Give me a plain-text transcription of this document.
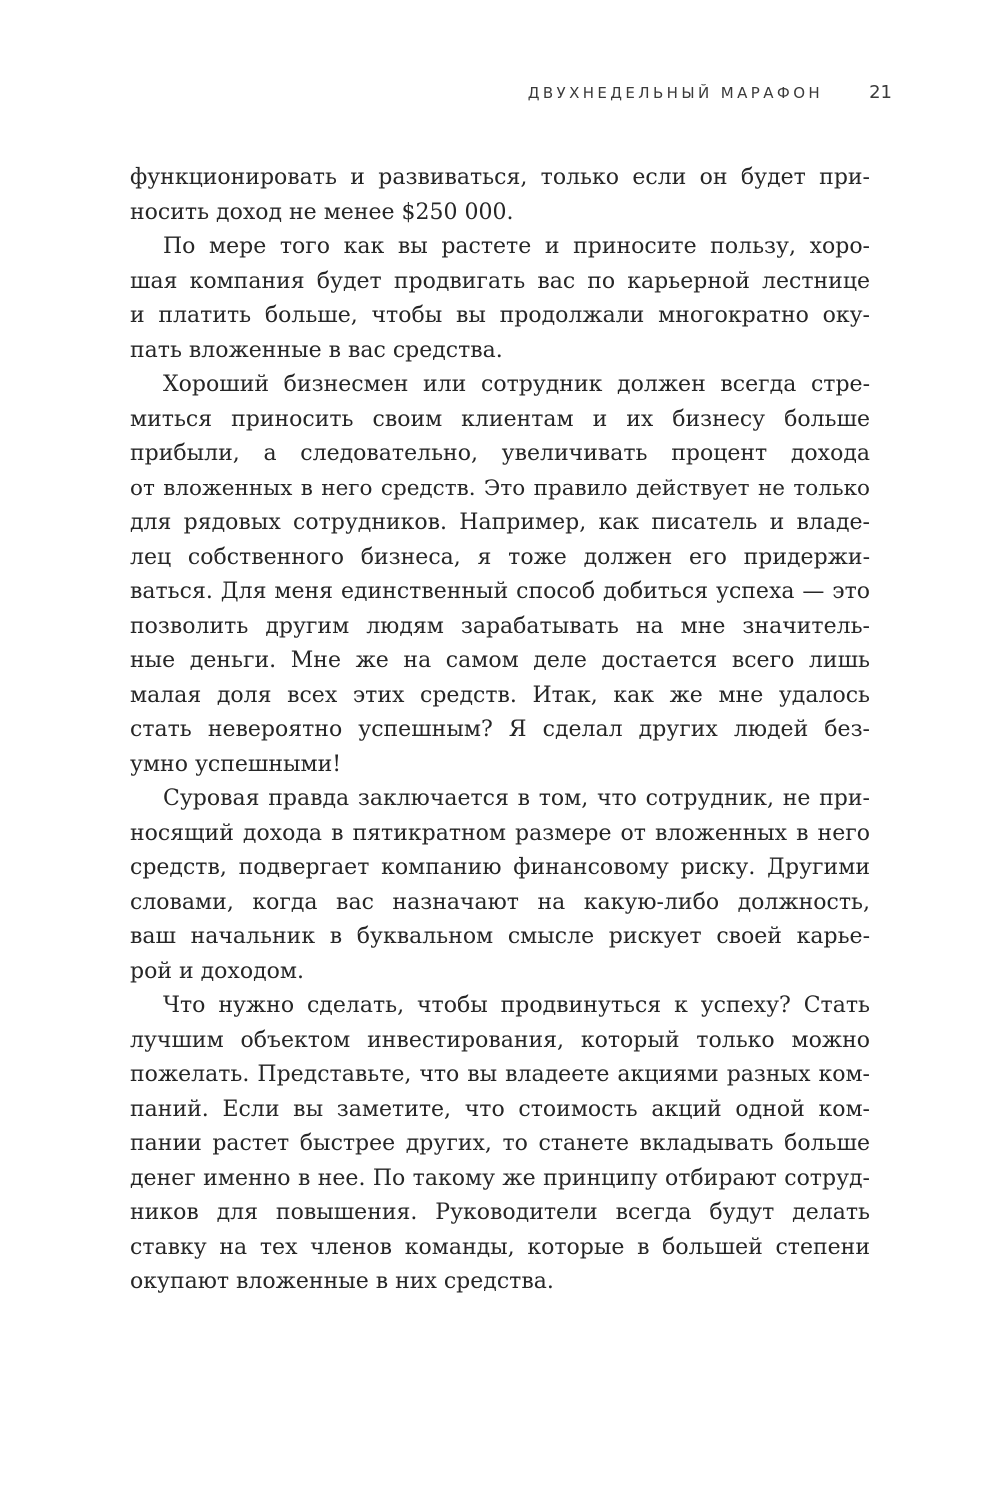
ДВУХНЕДЕЛЬНЫЙ МАРАФОН	21
функционировать и развиваться, только если он будет при-
носить доход не менее $250 000.
По мере того как вы растете и приносите пользу, хоро-
шая компания будет продвигать вас по карьерной лестнице
и платить больше, чтобы вы продолжали многократно оку-
пать вложенные в вас средства.
Хороший бизнесмен или сотрудник должен всегда стре-
миться приносить своим клиентам и их бизнесу больше
прибыли, а следовательно, увеличивать процент дохода
от вложенных в него средств. Это правило действует не только
для рядовых сотрудников. Например, как писатель и владе-
лец собственного бизнеса, я тоже должен его придержи-
ваться. Для меня единственный способ добиться успеха — это
позволить другим людям зарабатывать на мне значитель-
ные деньги. Мне же на самом деле достается всего лишь
малая доля всех этих средств. Итак, как же мне удалось
стать невероятно успешным? Я сделал других людей без-
умно успешными!
Суровая правда заключается в том, что сотрудник, не при-
носящий дохода в пятикратном размере от вложенных в него
средств, подвергает компанию финансовому риску. Другими
словами, когда вас назначают на какую-либо должность,
ваш начальник в буквальном смысле рискует своей карье-
рой и доходом.
Что нужно сделать, чтобы продвинуться к успеху? Стать
лучшим объектом инвестирования, который только можно
пожелать. Представьте, что вы владеете акциями разных ком-
паний. Если вы заметите, что стоимость акций одной ком-
пании растет быстрее других, то станете вкладывать больше
денег именно в нее. По такому же принципу отбирают сотруд-
ников для повышения. Руководители всегда будут делать
ставку на тех членов команды, которые в большей степени
окупают вложенные в них средства.
